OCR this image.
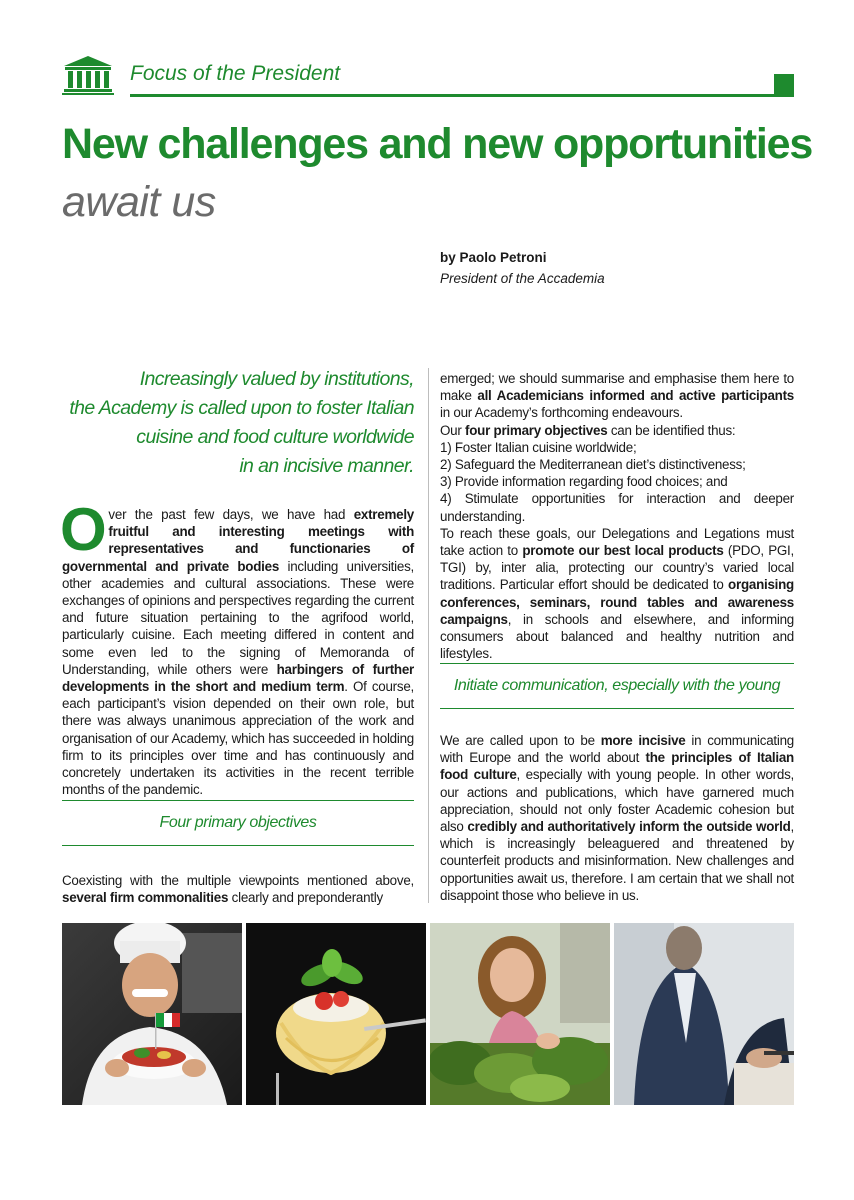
Focus of the President
New challenges and new opportunities
await us
by Paolo Petroni
President of the Accademia
Increasingly valued by institutions,
the Academy is called upon to foster Italian
cuisine and food culture worldwide
in an incisive manner.
Over the past few days, we have had extremely fruitful and interesting meetings with representatives and functionaries of governmental and private bodies including universities, other academies and cultural associations. These were exchanges of opinions and perspectives regarding the current and future situation pertaining to the agrifood world, particularly cuisine. Each meeting differed in content and some even led to the signing of Memoranda of Understanding, while others were harbingers of further developments in the short and medium term. Of course, each participant’s vision depended on their own role, but there was always unanimous appreciation of the work and organisation of our Academy, which has succeeded in holding firm to its principles over time and has continuously and concretely undertaken its activities in the recent terrible months of the pandemic.
Four primary objectives
Coexisting with the multiple viewpoints mentioned above, several firm commonalities clearly and preponderantly

emerged; we should summarise and emphasise them here to make all Academicians informed and active participants in our Academy’s forthcoming endeavours.

Our four primary objectives can be identified thus:

1) Foster Italian cuisine worldwide;

2) Safeguard the Mediterranean diet’s distinctiveness;

3) Provide information regarding food choices; and

4) Stimulate opportunities for interaction and deeper understanding.

To reach these goals, our Delegations and Legations must take action to promote our best local products (PDO, PGI, TGI) by, inter alia, protecting our country’s varied local traditions. Particular effort should be dedicated to organising conferences, seminars, round tables and awareness campaigns, in schools and elsewhere, and informing consumers about balanced and healthy nutrition and lifestyles.

Initiate communication, especially with the young
We are called upon to be more incisive in communicating with Europe and the world about the principles of Italian food culture, especially with young people. In other words, our actions and publications, which have garnered much appreciation, should not only foster Academic cohesion but also credibly and authoritatively inform the outside world, which is increasingly beleaguered and threatened by counterfeit products and misinformation. New challenges and opportunities await us, therefore. I am certain that we shall not disappoint those who believe in us.
